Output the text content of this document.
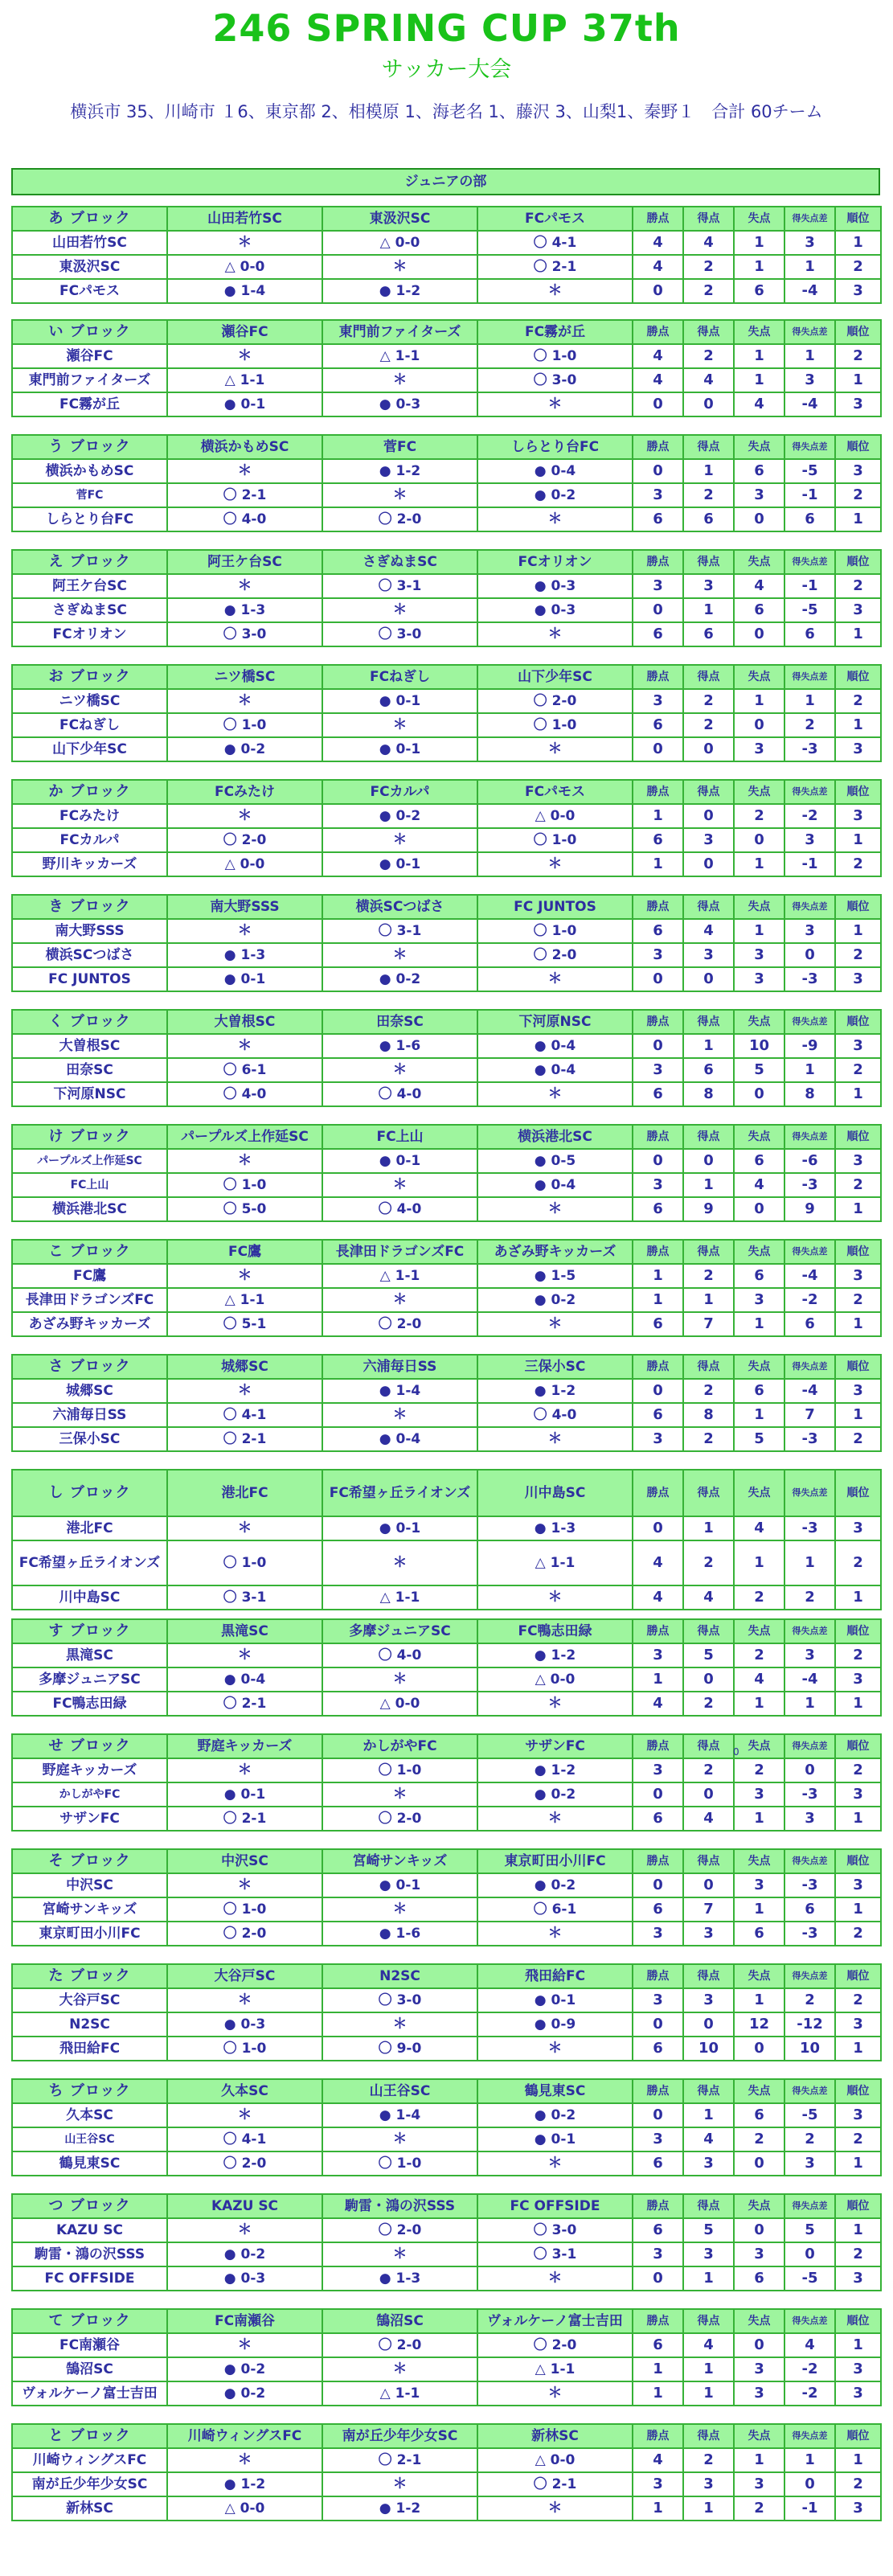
246 SPRING CUP 37th
サッカー大会
横浜市 35、川崎市 １6、東京都 2、相模原 1、海老名 1、藤沢 3、山梨1、秦野１　合計 60チーム
ジュニアの部
あ ブロック	山田若竹SC	東汲沢SC	FCパモス	勝点	得点	失点	得失点差	順位
山田若竹SC	＊	△ 0-0	〇 4-1	4	4	1	3	1
東汲沢SC	△ 0-0	＊	〇 2-1	4	2	1	1	2
FCパモス	● 1-4	● 1-2	＊	0	2	6	-4	3
い ブロック	瀬谷FC	東門前ファイターズ	FC霧が丘	勝点	得点	失点	得失点差	順位
瀬谷FC	＊	△ 1-1	〇 1-0	4	2	1	1	2
東門前ファイターズ	△ 1-1	＊	〇 3-0	4	4	1	3	1
FC霧が丘	● 0-1	● 0-3	＊	0	0	4	-4	3
う ブロック	横浜かもめSC	菅FC	しらとり台FC	勝点	得点	失点	得失点差	順位
横浜かもめSC	＊	● 1-2	● 0-4	0	1	6	-5	3
菅FC	〇 2-1	＊	● 0-2	3	2	3	-1	2
しらとり台FC	〇 4-0	〇 2-0	＊	6	6	0	6	1
え ブロック	阿王ケ台SC	さぎぬまSC	FCオリオン	勝点	得点	失点	得失点差	順位
阿王ケ台SC	＊	〇 3-1	● 0-3	3	3	4	-1	2
さぎぬまSC	● 1-3	＊	● 0-3	0	1	6	-5	3
FCオリオン	〇 3-0	〇 3-0	＊	6	6	0	6	1
お ブロック	ニツ橋SC	FCねぎし	山下少年SC	勝点	得点	失点	得失点差	順位
ニツ橋SC	＊	● 0-1	〇 2-0	3	2	1	1	2
FCねぎし	〇 1-0	＊	〇 1-0	6	2	0	2	1
山下少年SC	● 0-2	● 0-1	＊	0	0	3	-3	3
か ブロック	FCみたけ	FCカルパ	FCパモス	勝点	得点	失点	得失点差	順位
FCみたけ	＊	● 0-2	△ 0-0	1	0	2	-2	3
FCカルパ	〇 2-0	＊	〇 1-0	6	3	0	3	1
野川キッカーズ	△ 0-0	● 0-1	＊	1	0	1	-1	2
き ブロック	南大野SSS	横浜SCつばさ	FC JUNTOS	勝点	得点	失点	得失点差	順位
南大野SSS	＊	〇 3-1	〇 1-0	6	4	1	3	1
横浜SCつばさ	● 1-3	＊	〇 2-0	3	3	3	0	2
FC JUNTOS	● 0-1	● 0-2	＊	0	0	3	-3	3
く ブロック	大曽根SC	田奈SC	下河原NSC	勝点	得点	失点	得失点差	順位
大曽根SC	＊	● 1-6	● 0-4	0	1	10	-9	3
田奈SC	〇 6-1	＊	● 0-4	3	6	5	1	2
下河原NSC	〇 4-0	〇 4-0	＊	6	8	0	8	1
け ブロック	パープルズ上作延SC	FC上山	横浜港北SC	勝点	得点	失点	得失点差	順位
パープルズ上作延SC	＊	● 0-1	● 0-5	0	0	6	-6	3
FC上山	〇 1-0	＊	● 0-4	3	1	4	-3	2
横浜港北SC	〇 5-0	〇 4-0	＊	6	9	0	9	1
こ ブロック	FC鷹	長津田ドラゴンズFC	あざみ野キッカーズ	勝点	得点	失点	得失点差	順位
FC鷹	＊	△ 1-1	● 1-5	1	2	6	-4	3
長津田ドラゴンズFC	△ 1-1	＊	● 0-2	1	1	3	-2	2
あざみ野キッカーズ	〇 5-1	〇 2-0	＊	6	7	1	6	1
さ ブロック	城郷SC	六浦毎日SS	三保小SC	勝点	得点	失点	得失点差	順位
城郷SC	＊	● 1-4	● 1-2	0	2	6	-4	3
六浦毎日SS	〇 4-1	＊	〇 4-0	6	8	1	7	1
三保小SC	〇 2-1	● 0-4	＊	3	2	5	-3	2
し ブロック	港北FC	FC希望ヶ丘ライオンズ	川中島SC	勝点	得点	失点	得失点差	順位
港北FC	＊	● 0-1	● 1-3	0	1	4	-3	3
FC希望ヶ丘ライオンズ	〇 1-0	＊	△ 1-1	4	2	1	1	2
川中島SC	〇 3-1	△ 1-1	＊	4	4	2	2	1
す ブロック	黒滝SC	多摩ジュニアSC	FC鴨志田緑	勝点	得点	失点	得失点差	順位
黒滝SC	＊	〇 4-0	● 1-2	3	5	2	3	2
多摩ジュニアSC	● 0-4	＊	△ 0-0	1	0	4	-4	3
FC鴨志田緑	〇 2-1	△ 0-0	＊	4	2	1	1	1
せ ブロック	野庭キッカーズ	かしがやFC	サザンFC	勝点	得点	失点	得失点差	順位
野庭キッカーズ	＊	〇 1-0	● 1-2	3	2	2	0	2
かしがやFC	● 0-1	＊	● 0-2	0	0	3	-3	3
サザンFC	〇 2-1	〇 2-0	＊	6	4	1	3	1
そ ブロック	中沢SC	宮崎サンキッズ	東京町田小川FC	勝点	得点	失点	得失点差	順位
中沢SC	＊	● 0-1	● 0-2	0	0	3	-3	3
宮崎サンキッズ	〇 1-0	＊	〇 6-1	6	7	1	6	1
東京町田小川FC	〇 2-0	● 1-6	＊	3	3	6	-3	2
た ブロック	大谷戸SC	N2SC	飛田給FC	勝点	得点	失点	得失点差	順位
大谷戸SC	＊	〇 3-0	● 0-1	3	3	1	2	2
N2SC	● 0-3	＊	● 0-9	0	0	12	-12	3
飛田給FC	〇 1-0	〇 9-0	＊	6	10	0	10	1
ち ブロック	久本SC	山王谷SC	鶴見東SC	勝点	得点	失点	得失点差	順位
久本SC	＊	● 1-4	● 0-2	0	1	6	-5	3
山王谷SC	〇 4-1	＊	● 0-1	3	4	2	2	2
鶴見東SC	〇 2-0	〇 1-0	＊	6	3	0	3	1
つ ブロック	KAZU SC	駒雷・鴻の沢SSS	FC OFFSIDE	勝点	得点	失点	得失点差	順位
KAZU SC	＊	〇 2-0	〇 3-0	6	5	0	5	1
駒雷・鴻の沢SSS	● 0-2	＊	〇 3-1	3	3	3	0	2
FC OFFSIDE	● 0-3	● 1-3	＊	0	1	6	-5	3
て ブロック	FC南瀬谷	鵠沼SC	ヴォルケーノ富士吉田	勝点	得点	失点	得失点差	順位
FC南瀬谷	＊	〇 2-0	〇 2-0	6	4	0	4	1
鵠沼SC	● 0-2	＊	△ 1-1	1	1	3	-2	3
ヴォルケーノ富士吉田	● 0-2	△ 1-1	＊	1	1	3	-2	3
と ブロック	川崎ウィングスFC	南が丘少年少女SC	新林SC	勝点	得点	失点	得失点差	順位
川崎ウィングスFC	＊	〇 2-1	△ 0-0	4	2	1	1	1
南が丘少年少女SC	● 1-2	＊	〇 2-1	3	3	3	0	2
新林SC	△ 0-0	● 1-2	＊	1	1	2	-1	3
0
